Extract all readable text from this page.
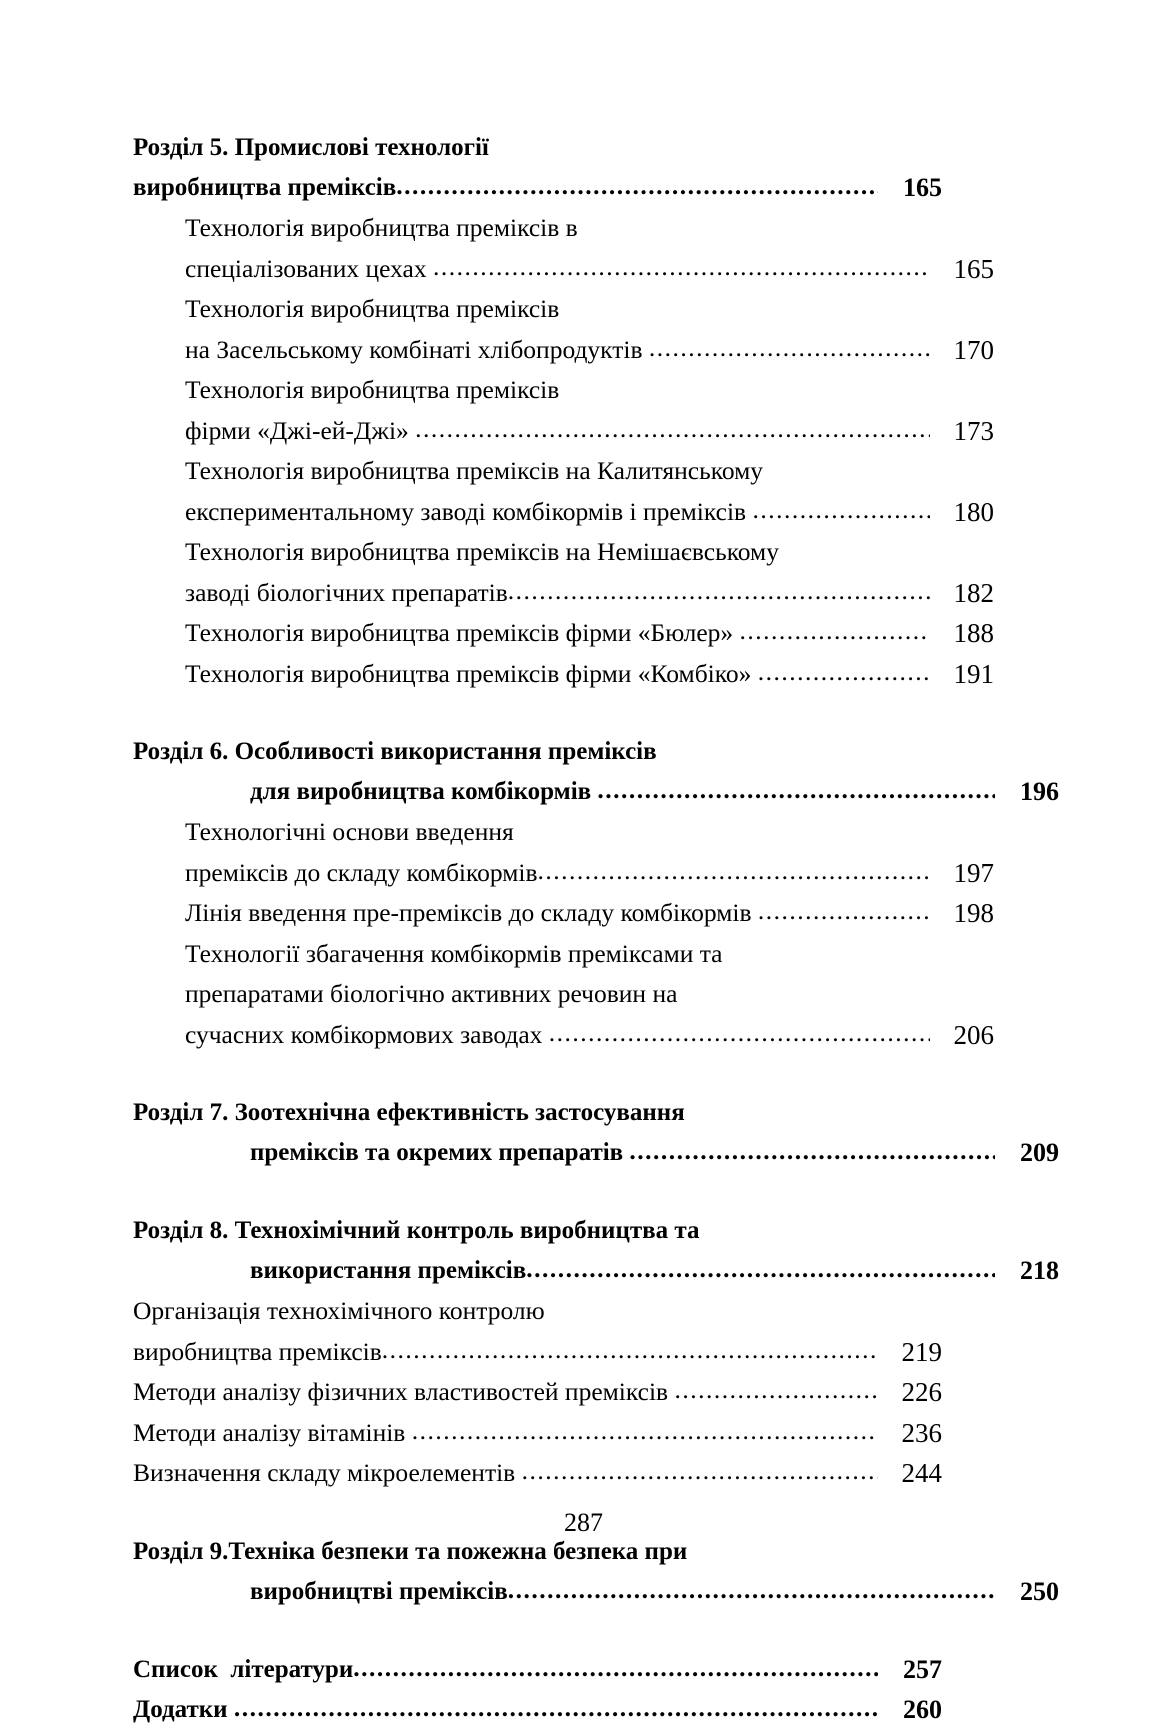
Розділ 5. Промислові технології
виробництва преміксів .....	165
Технологія виробництва преміксів в
спеціалізованих цехах .....	165
Технологія виробництва преміксів
на Засельському комбінаті хлібопродуктів .....	170
Технологія виробництва преміксів
фірми «Джі-ей-Джі» .....	173
Технологія виробництва преміксів на Калитянському
експериментальному заводі комбікормів і преміксів .....	180
Технологія виробництва преміксів на Немішаєвському
заводі біологічних препаратів .....	182
Технологія виробництва преміксів фірми «Бюлер» .....	188
Технологія виробництва преміксів фірми «Комбіко» .....	191
Розділ 6. Особливості використання преміксів
для виробництва комбікормів .....	196
Технологічні основи введення
преміксів до складу комбікормів .....	197
Лінія введення пре-преміксів до складу комбікормів .....	198
Технології збагачення комбікормів преміксами та
препаратами біологічно активних речовин на
сучасних комбікормових заводах .....	206
Розділ 7. Зоотехнічна ефективність застосування
преміксів та окремих препаратів .....	209
Розділ 8. Технохімічний контроль виробництва та
використання преміксів .....	218
Організація технохімічного контролю
виробництва преміксів .....	219
Методи аналізу фізичних властивостей преміксів .....	226
Методи аналізу вітамінів .....	236
Визначення складу мікроелементів .....	244
Розділ 9.Техніка безпеки та пожежна безпека при
виробництві преміксів .....	250
Список  літератури .....	257
Додатки .....	260
287
